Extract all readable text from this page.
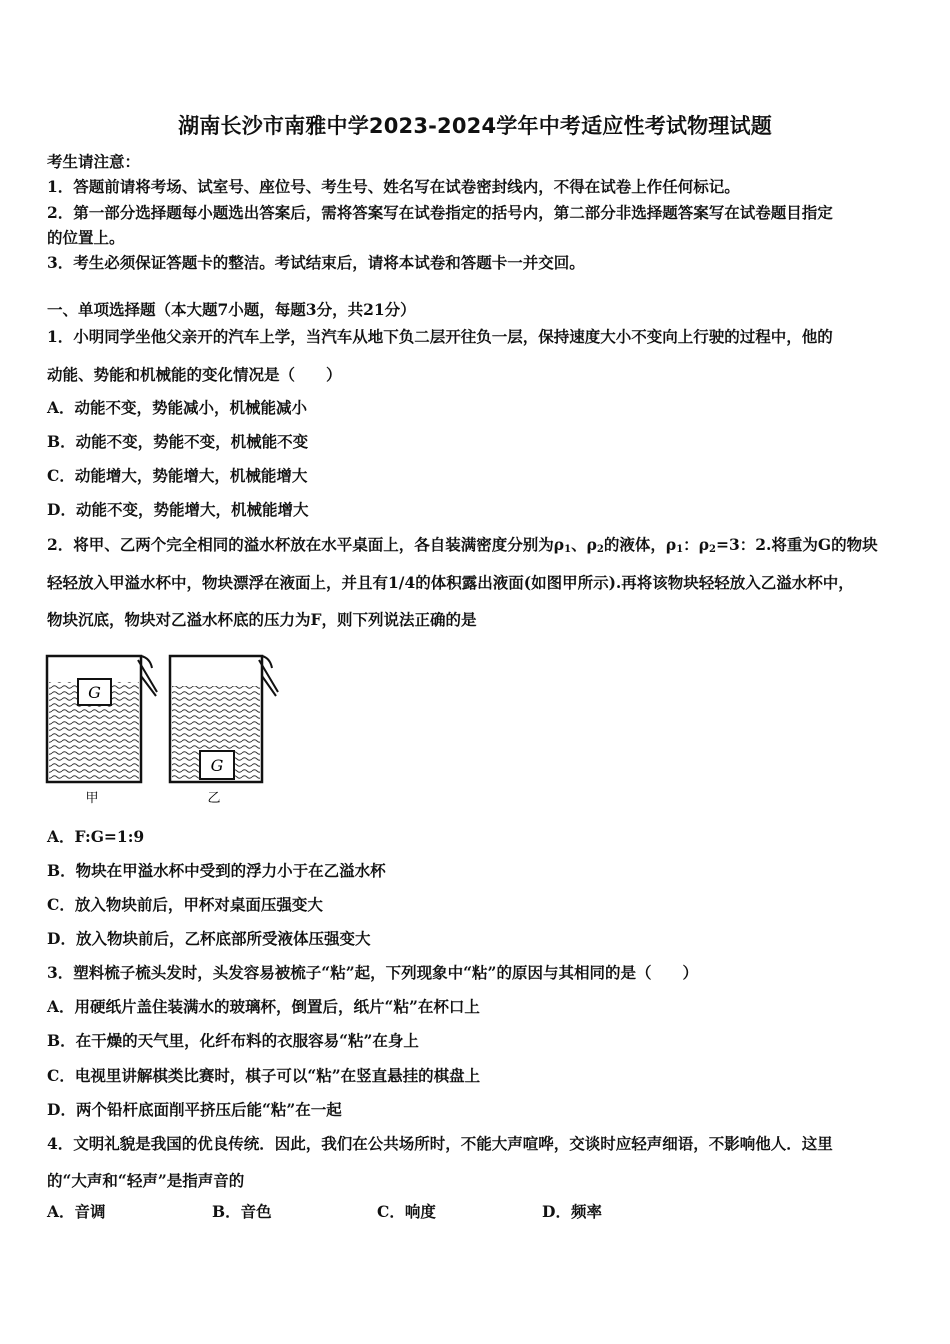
湖南长沙市南雅中学2023-2024学年中考适应性考试物理试题
考生请注意：
1．答题前请将考场、试室号、座位号、考生号、姓名写在试卷密封线内，不得在试卷上作任何标记。
2．第一部分选择题每小题选出答案后，需将答案写在试卷指定的括号内，第二部分非选择题答案写在试卷题目指定
的位置上。
3．考生必须保证答题卡的整洁。考试结束后，请将本试卷和答题卡一并交回。
一、单项选择题（本大题7小题，每题3分，共21分）
1．小明同学坐他父亲开的汽车上学，当汽车从地下负二层开往负一层，保持速度大小不变向上行驶的过程中，他的
动能、势能和机械能的变化情况是（　　）
A．动能不变，势能减小，机械能减小
B．动能不变，势能不变，机械能不变
C．动能增大，势能增大，机械能增大
D．动能不变，势能增大，机械能增大
2．将甲、乙两个完全相同的溢水杯放在水平桌面上，各自装满密度分别为$\rho_1$、$\rho_2$的液体，$\rho_1$：$\rho_2=3$：2.将重为G的物块
轻轻放入甲溢水杯中，物块漂浮在液面上，并且有1/4的体积露出液面(如图甲所示).再将该物块轻轻放入乙溢水杯中，
物块沉底，物块对乙溢水杯底的压力为F，则下列说法正确的是
G
G
甲	乙
A．F:G=1:9
B．物块在甲溢水杯中受到的浮力小于在乙溢水杯
C．放入物块前后，甲杯对桌面压强变大
D．放入物块前后，乙杯底部所受液体压强变大
3．塑料梳子梳头发时，头发容易被梳子“粘”起，下列现象中“粘”的原因与其相同的是（　　）
A．用硬纸片盖住装满水的玻璃杯，倒置后，纸片“粘”在杯口上
B．在干燥的天气里，化纤布料的衣服容易“粘”在身上
C．电视里讲解棋类比赛时，棋子可以“粘”在竖直悬挂的棋盘上
D．两个铅杆底面削平挤压后能“粘”在一起
4．文明礼貌是我国的优良传统．因此，我们在公共场所时，不能大声喧哗，交谈时应轻声细语，不影响他人．这里
的“大声和“轻声”是指声音的
A．音调	B．音色	C．响度	D．频率
